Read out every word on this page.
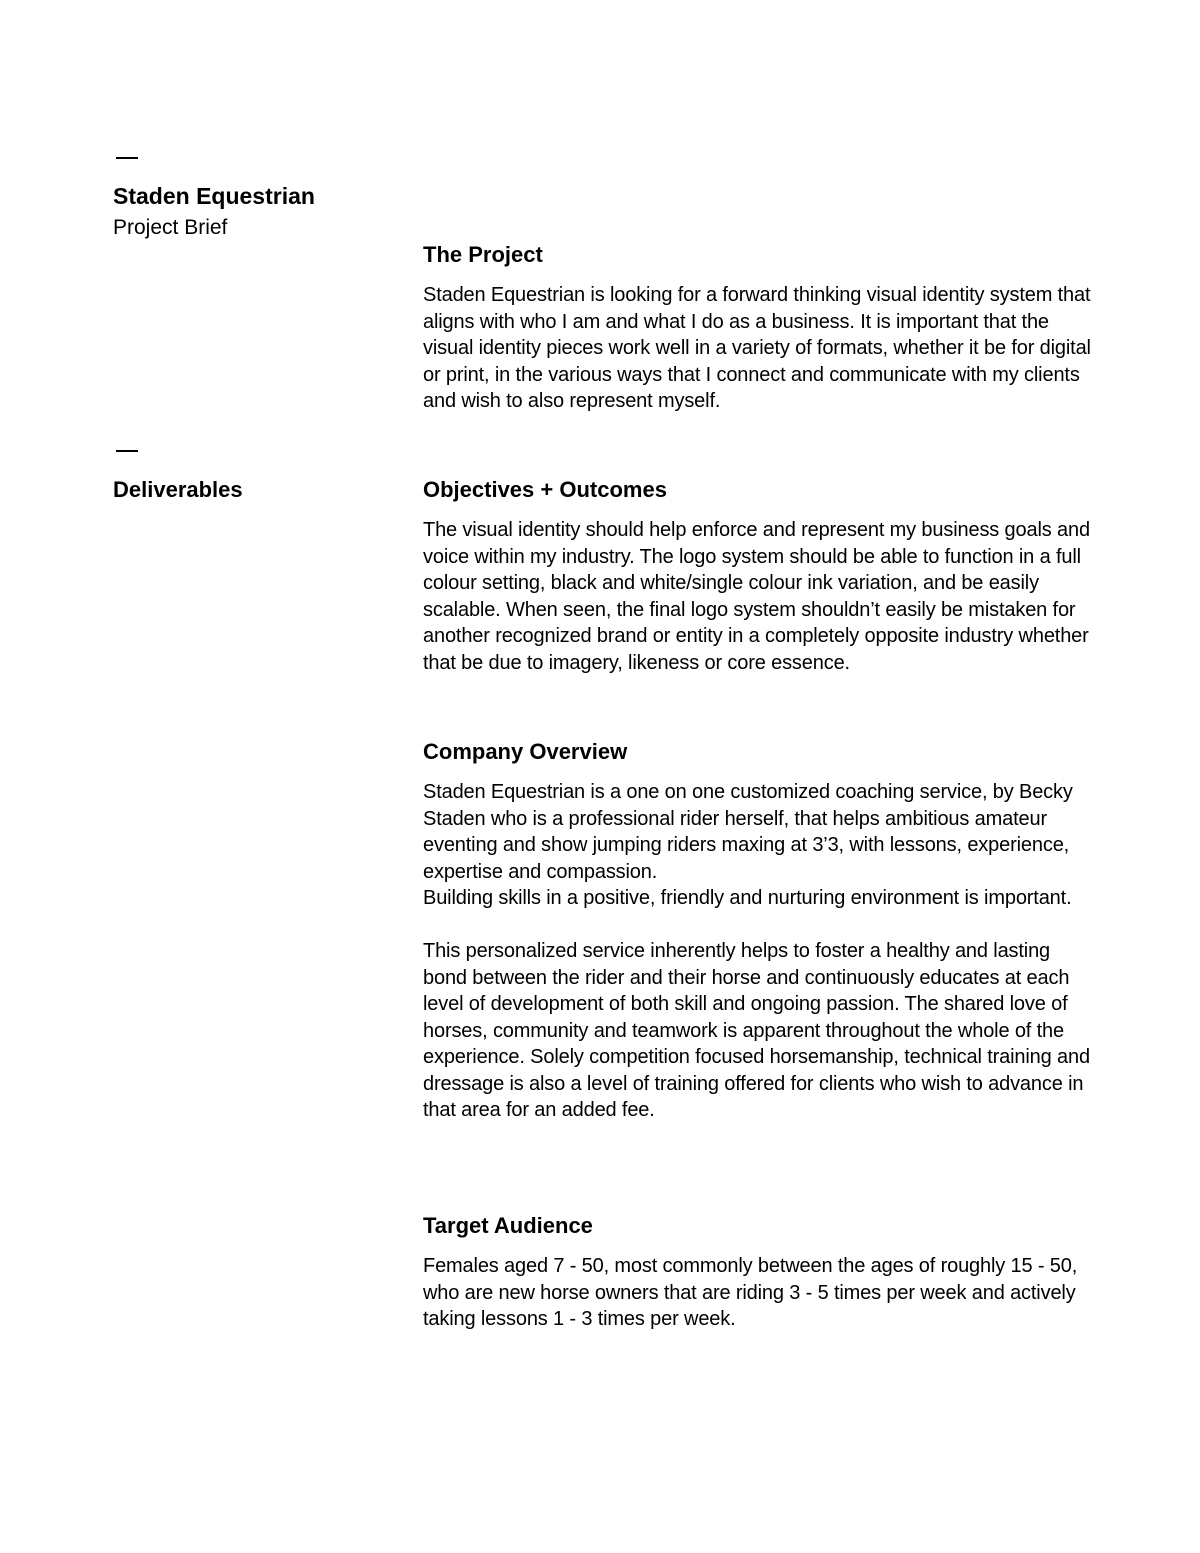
Staden Equestrian
Project Brief
Deliverables
The Project

Staden Equestrian is looking for a forward thinking visual identity system that aligns with who I am and what I do as a business. It is important that the visual identity pieces work well in a variety of formats, whether it be for digital or print, in the various ways that I connect and communicate with my clients and wish to also represent myself.

Objectives + Outcomes

The visual identity should help enforce and represent my business goals and voice within my industry. The logo system should be able to function in a full colour setting, black and white/single colour ink variation, and be easily scalable. When seen, the final logo system shouldn’t easily be mistaken for another recognized brand or entity in a completely opposite industry whether that be due to imagery, likeness or core essence.

Company Overview

Staden Equestrian is a one on one customized coaching service, by Becky Staden who is a professional rider herself, that helps ambitious amateur eventing and show jumping riders maxing at 3’3, with lessons, experience, expertise and compassion.

Building skills in a positive, friendly and nurturing environment is important.

This personalized service inherently helps to foster a healthy and lasting bond between the rider and their horse and continuously educates at each level of development of both skill and ongoing passion. The shared love of horses, community and teamwork is apparent throughout the whole of the experience. Solely competition focused horsemanship, technical training and dressage is also a level of training offered for clients who wish to advance in that area for an added fee.

Target Audience

Females aged 7 - 50, most commonly between the ages of roughly 15 - 50, who are new horse owners that are riding 3 - 5 times per week and actively taking lessons 1 - 3 times per week.
